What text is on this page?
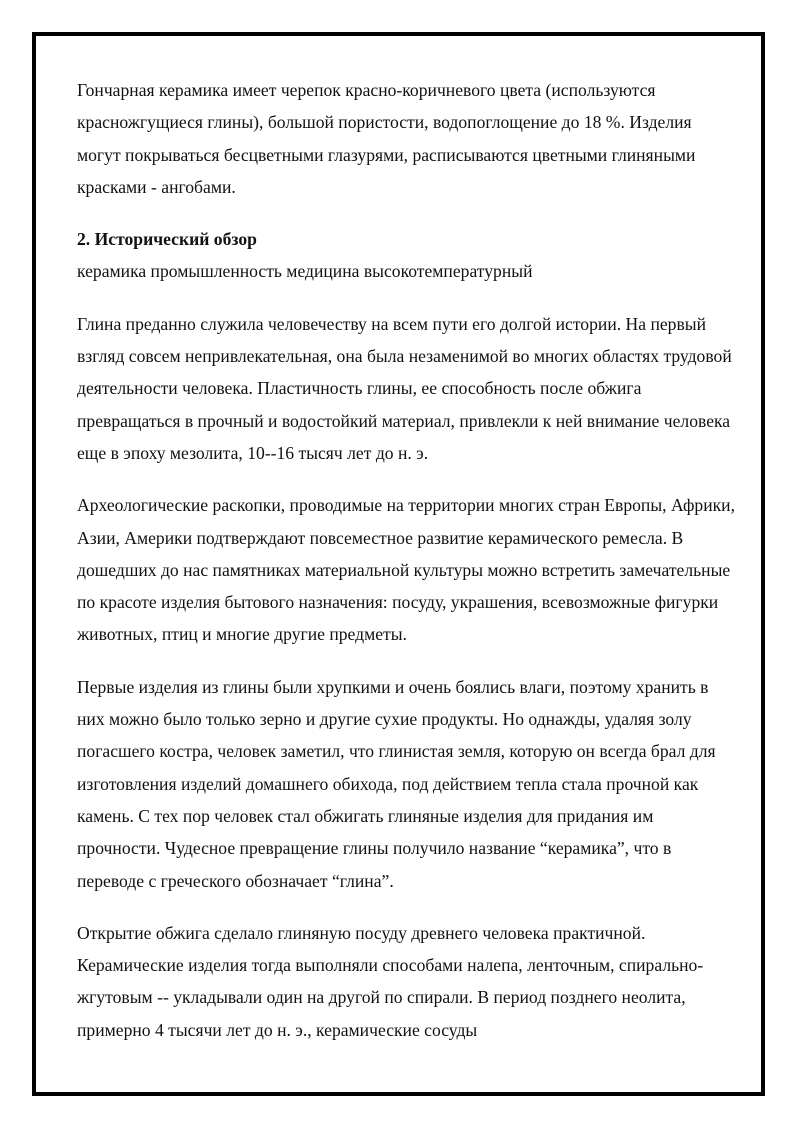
Гончарная керамика имеет черепок красно-коричневого цвета (используются красножгущиеся глины), большой пористости, водопоглощение до 18 %. Изделия могут покрываться бесцветными глазурями, расписываются цветными глиняными красками - ангобами.

2. Исторический обзор

керамика промышленность медицина высокотемпературный

Глина преданно служила человечеству на всем пути его долгой истории. На первый взгляд совсем непривлекательная, она была незаменимой во многих областях трудовой деятельности человека. Пластичность глины, ее способность после обжига превращаться в прочный и водостойкий материал, привлекли к ней внимание человека еще в эпоху мезолита, 10--16 тысяч лет до н. э.

Археологические раскопки, проводимые на территории многих стран Европы, Африки, Азии, Америки подтверждают повсеместное развитие керамического ремесла. В дошедших до нас памятниках материальной культуры можно встретить замечательные по красоте изделия бытового назначения: посуду, украшения, всевозможные фигурки животных, птиц и многие другие предметы.

Первые изделия из глины были хрупкими и очень боялись влаги, поэтому хранить в них можно было только зерно и другие сухие продукты. Но однажды, удаляя золу погасшего костра, человек заметил, что глинистая земля, которую он всегда брал для изготовления изделий домашнего обихода, под действием тепла стала прочной как камень. С тех пор человек стал обжигать глиняные изделия для придания им прочности. Чудесное превращение глины получило название “керамика”, что в переводе с греческого обозначает “глина”.

Открытие обжига сделало глиняную посуду древнего человека практичной. Керамические изделия тогда выполняли способами налепа, ленточным, спирально-жгутовым -- укладывали один на другой по спирали. В период позднего неолита, примерно 4 тысячи лет до н. э., керамические сосуды
